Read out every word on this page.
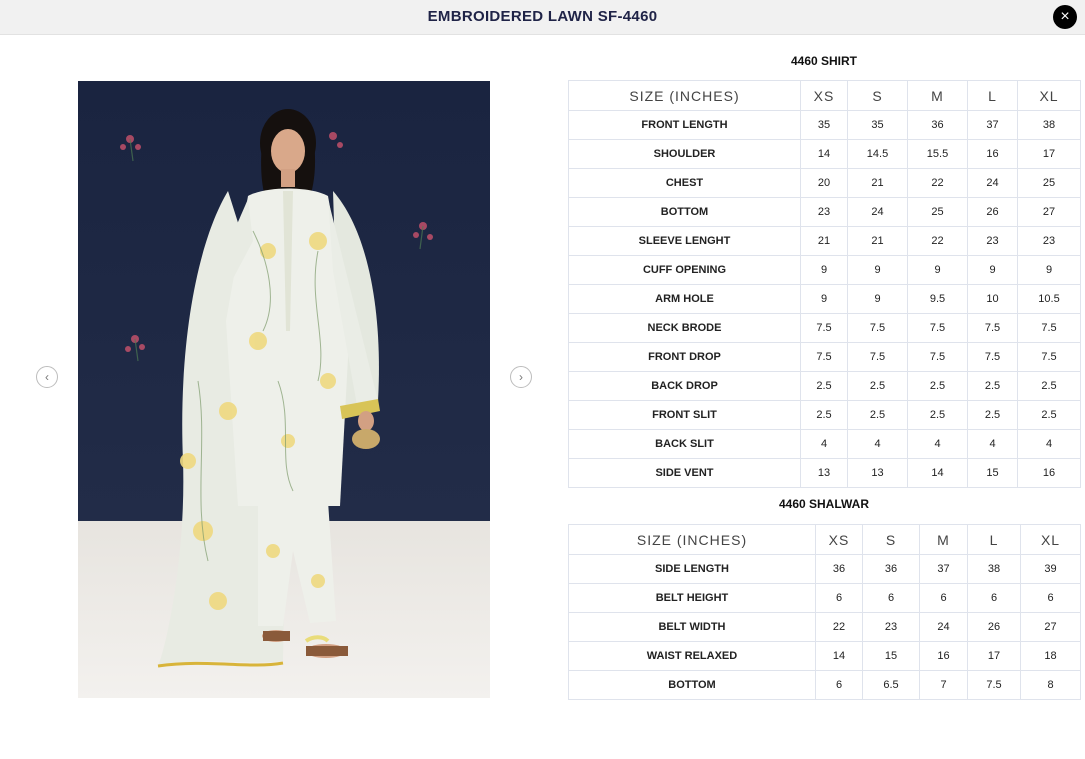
EMBROIDERED LAWN SF-4460	×
‹	›
4460 SHIRT
SIZE (INCHES)	XS	S	M	L	XL
FRONT LENGTH	35	35	36	37	38
SHOULDER	14	14.5	15.5	16	17
CHEST	20	21	22	24	25
BOTTOM	23	24	25	26	27
SLEEVE LENGHT	21	21	22	23	23
CUFF OPENING	9	9	9	9	9
ARM HOLE	9	9	9.5	10	10.5
NECK BRODE	7.5	7.5	7.5	7.5	7.5
FRONT DROP	7.5	7.5	7.5	7.5	7.5
BACK DROP	2.5	2.5	2.5	2.5	2.5
FRONT SLIT	2.5	2.5	2.5	2.5	2.5
BACK SLIT	4	4	4	4	4
SIDE VENT	13	13	14	15	16
4460 SHALWAR
SIZE (INCHES)	XS	S	M	L	XL
SIDE LENGTH	36	36	37	38	39
BELT HEIGHT	6	6	6	6	6
BELT WIDTH	22	23	24	26	27
WAIST RELAXED	14	15	16	17	18
BOTTOM	6	6.5	7	7.5	8
